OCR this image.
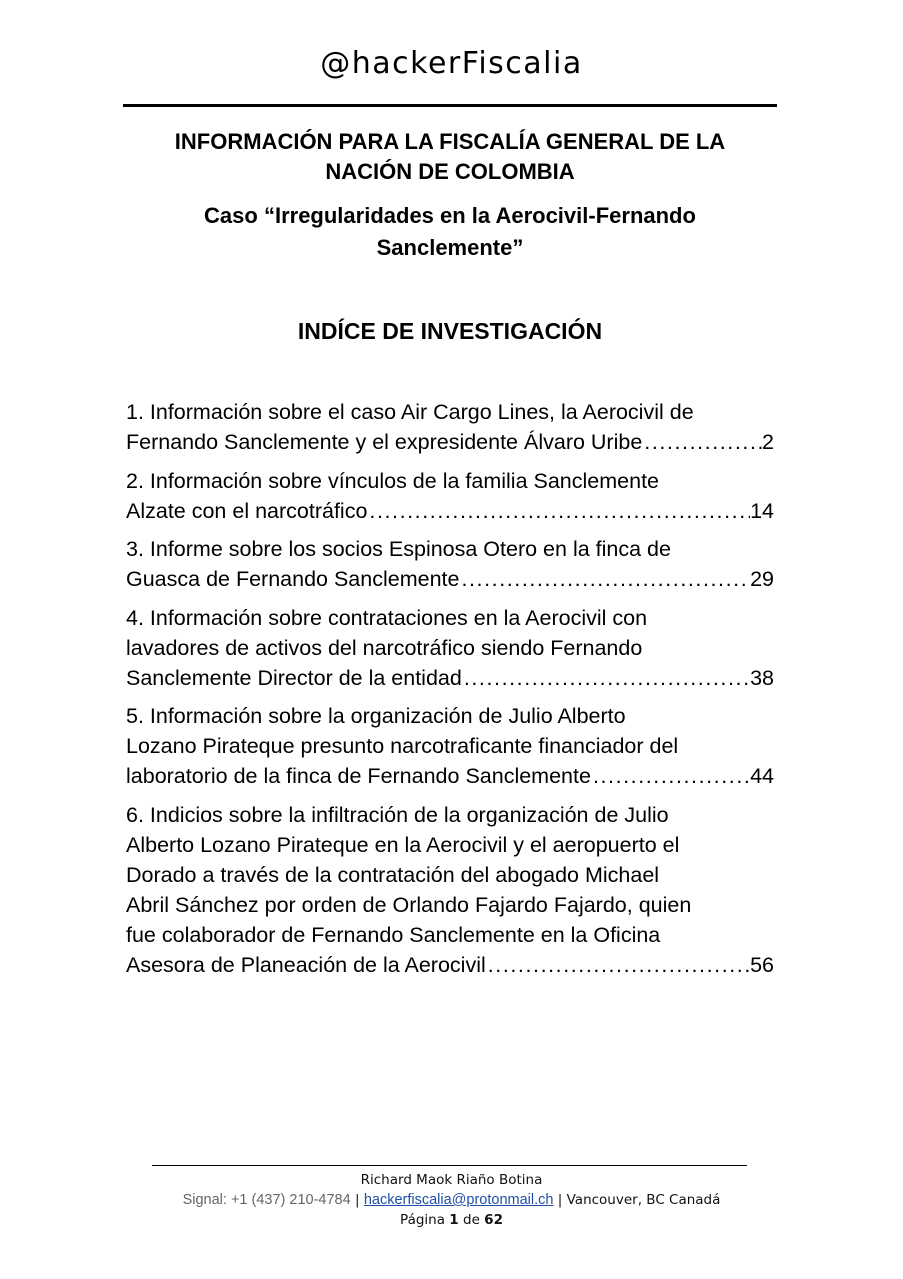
@hackerFiscalia
INFORMACIÓN PARA LA FISCALÍA GENERAL DE LA
NACIÓN DE COLOMBIA
Caso “Irregularidades en la Aerocivil-Fernando
Sanclemente”
INDÍCE DE INVESTIGACIÓN
1. Información sobre el caso Air Cargo Lines, la Aerocivil de
Fernando Sanclemente y el expresidente Álvaro Uribe . . .	2
2. Información sobre vínculos de la familia Sanclemente
Alzate con el narcotráfico . . .	14
3. Informe sobre los socios Espinosa Otero en la finca de
Guasca de Fernando Sanclemente . . .	29
4. Información sobre contrataciones en la Aerocivil con
lavadores de activos del narcotráfico siendo Fernando
Sanclemente Director de la entidad . . .	38
5. Información sobre la organización de Julio Alberto
Lozano Pirateque presunto narcotraficante financiador del
laboratorio de la finca de Fernando Sanclemente . . .	44
6. Indicios sobre la infiltración de la organización de Julio
Alberto Lozano Pirateque en la Aerocivil y el aeropuerto el
Dorado a través de la contratación del abogado Michael
Abril Sánchez por orden de Orlando Fajardo Fajardo, quien
fue colaborador de Fernando Sanclemente en la Oficina
Asesora de Planeación de la Aerocivil . . .	56
Richard Maok Riaño Botina
Signal: +1 (437) 210-4784 | hackerfiscalia@protonmail.ch | Vancouver, BC Canadá
Página 1 de 62
